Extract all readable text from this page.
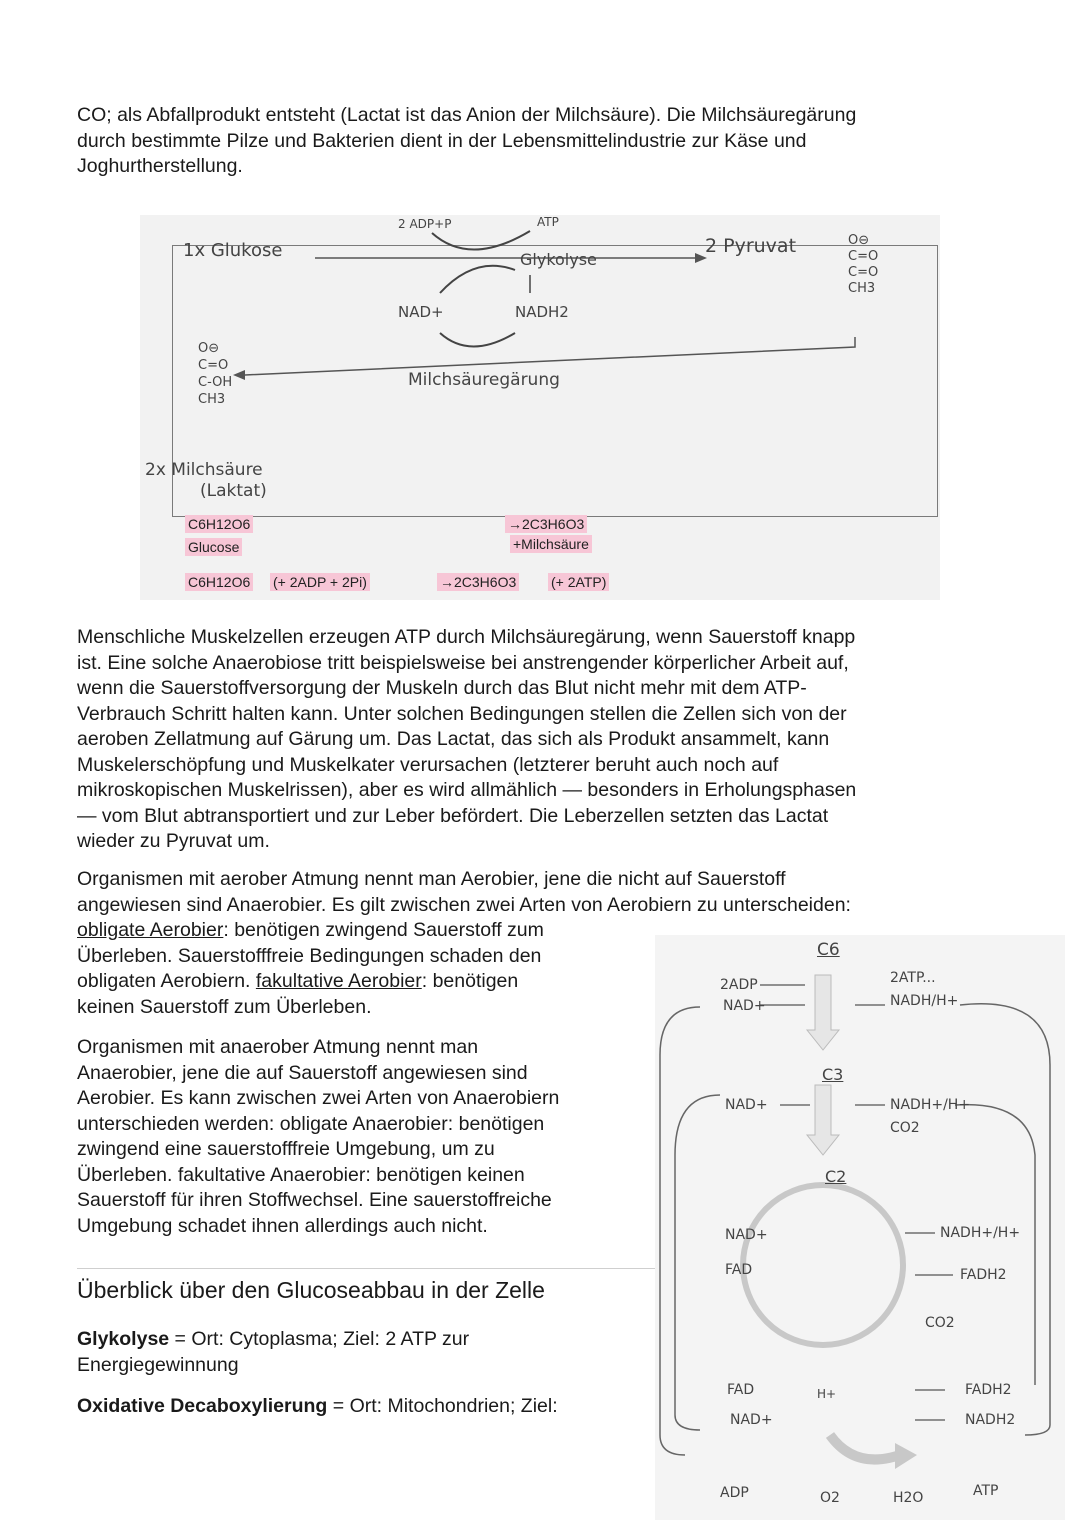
CO; als Abfallprodukt entsteht (Lactat ist das Anion der Milchsäure). Die Milchsäuregärung
durch bestimmte Pilze und Bakterien dient in der Lebensmittelindustrie zur Käse und
Joghurtherstellung.
1x Glukose
2 ADP+P	ATP
Glykolyse
2 Pyruvat
NAD+	NADH2
Milchsäuregärung
O⊖
C=O
C=O
CH3
O⊖
C=O
C-OH
CH3
2x Milchsäure
(Laktat)
C6H12O6
Glucose
→2C3H6O3
+Milchsäure
C6H12O6 (+ 2ADP + 2Pi)	→2C3H6O3 (+ 2ATP)
Menschliche Muskelzellen erzeugen ATP durch Milchsäuregärung, wenn Sauerstoff knapp
ist. Eine solche Anaerobiose tritt beispielsweise bei anstrengender körperlicher Arbeit auf,
wenn die Sauerstoffversorgung der Muskeln durch das Blut nicht mehr mit dem ATP-
Verbrauch Schritt halten kann. Unter solchen Bedingungen stellen die Zellen sich von der
aeroben Zellatmung auf Gärung um. Das Lactat, das sich als Produkt ansammelt, kann
Muskelerschöpfung und Muskelkater verursachen (letzterer beruht auch noch auf
mikroskopischen Muskelrissen), aber es wird allmählich — besonders in Erholungsphasen
— vom Blut abtransportiert und zur Leber befördert. Die Leberzellen setzten das Lactat
wieder zu Pyruvat um.
Organismen mit aerober Atmung nennt man Aerobier, jene die nicht auf Sauerstoff
angewiesen sind Anaerobier. Es gilt zwischen zwei Arten von Aerobiern zu unterscheiden:
obligate Aerobier: benötigen zwingend Sauerstoff zum
Überleben. Sauerstofffreie Bedingungen schaden den
obligaten Aerobiern. fakultative Aerobier: benötigen
keinen Sauerstoff zum Überleben.
Organismen mit anaerober Atmung nennt man
Anaerobier, jene die auf Sauerstoff angewiesen sind
Aerobier. Es kann zwischen zwei Arten von Anaerobiern
unterschieden werden: obligate Anaerobier: benötigen
zwingend eine sauerstofffreie Umgebung, um zu
Überleben. fakultative Anaerobier: benötigen keinen
Sauerstoff für ihren Stoffwechsel. Eine sauerstoffreiche
Umgebung schadet ihnen allerdings auch nicht.
Überblick über den Glucoseabbau in der Zelle
Glykolyse = Ort: Cytoplasma; Ziel: 2 ATP zur
Energiegewinnung
Oxidative Decaboxylierung = Ort: Mitochondrien; Ziel:
C6
2ADP
NAD+
2ATP...
NADH/H+
C3
NAD+	NADH+/H+
CO2
C2
NAD+
FAD
NADH+/H+
FADH2
CO2
FAD
NAD+
H+	FADH2
NADH2
ADP	O2	H2O	ATP
